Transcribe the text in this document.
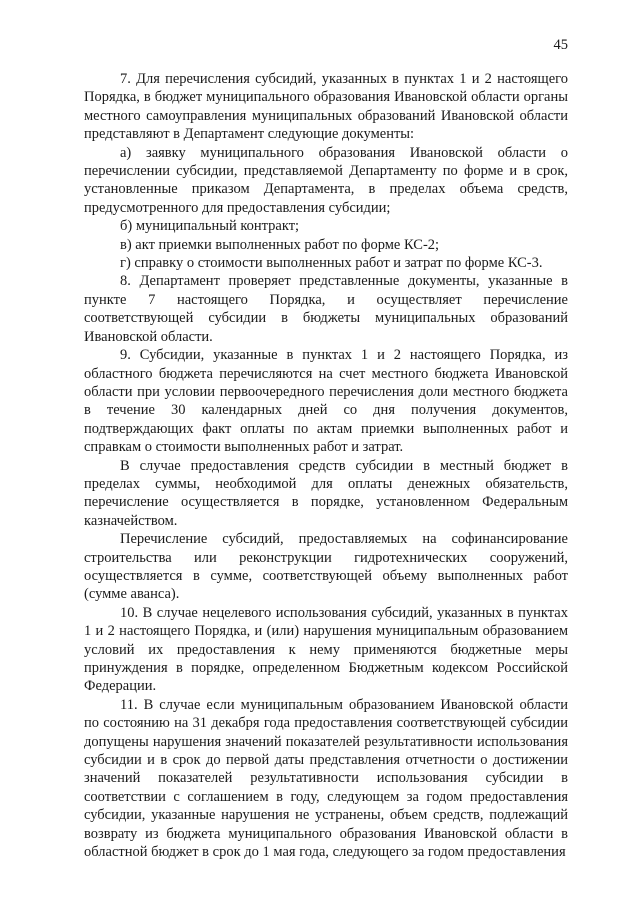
45

7. Для перечисления субсидий, указанных в пунктах 1 и 2 настоящего Порядка, в бюджет муниципального образования Ивановской области органы местного самоуправления муниципальных образований Ивановской области представляют в Департамент следующие документы:

а) заявку муниципального образования Ивановской области о перечислении субсидии, представляемой Департаменту по форме и в срок, установленные приказом Департамента, в пределах объема средств, предусмотренного для предоставления субсидии;

б) муниципальный контракт;

в) акт приемки выполненных работ по форме КС-2;

г) справку о стоимости выполненных работ и затрат по форме КС-3.

8. Департамент проверяет представленные документы, указанные в пункте 7 настоящего Порядка, и осуществляет перечисление соответствующей субсидии в бюджеты муниципальных образований Ивановской области.

9. Субсидии, указанные в пунктах 1 и 2 настоящего Порядка, из областного бюджета перечисляются на счет местного бюджета Ивановской области при условии первоочередного перечисления доли местного бюджета в течение 30 календарных дней со дня получения документов, подтверждающих факт оплаты по актам приемки выполненных работ и справкам о стоимости выполненных работ и затрат.

В случае предоставления средств субсидии в местный бюджет в пределах суммы, необходимой для оплаты денежных обязательств, перечисление осуществляется в порядке, установленном Федеральным казначейством.

Перечисление субсидий, предоставляемых на софинансирование строительства или реконструкции гидротехнических сооружений, осуществляется в сумме, соответствующей объему выполненных работ (сумме аванса).

10. В случае нецелевого использования субсидий, указанных в пунктах 1 и 2 настоящего Порядка, и (или) нарушения муниципальным образованием условий их предоставления к нему применяются бюджетные меры принуждения в порядке, определенном Бюджетным кодексом Российской Федерации.

11. В случае если муниципальным образованием Ивановской области по состоянию на 31 декабря года предоставления соответствующей субсидии допущены нарушения значений показателей результативности использования субсидии и в срок до первой даты представления отчетности о достижении значений показателей результативности использования субсидии в соответствии с соглашением в году, следующем за годом предоставления субсидии, указанные нарушения не устранены, объем средств, подлежащий возврату из бюджета муниципального образования Ивановской области в областной бюджет в срок до 1 мая года, следующего за годом предоставления
